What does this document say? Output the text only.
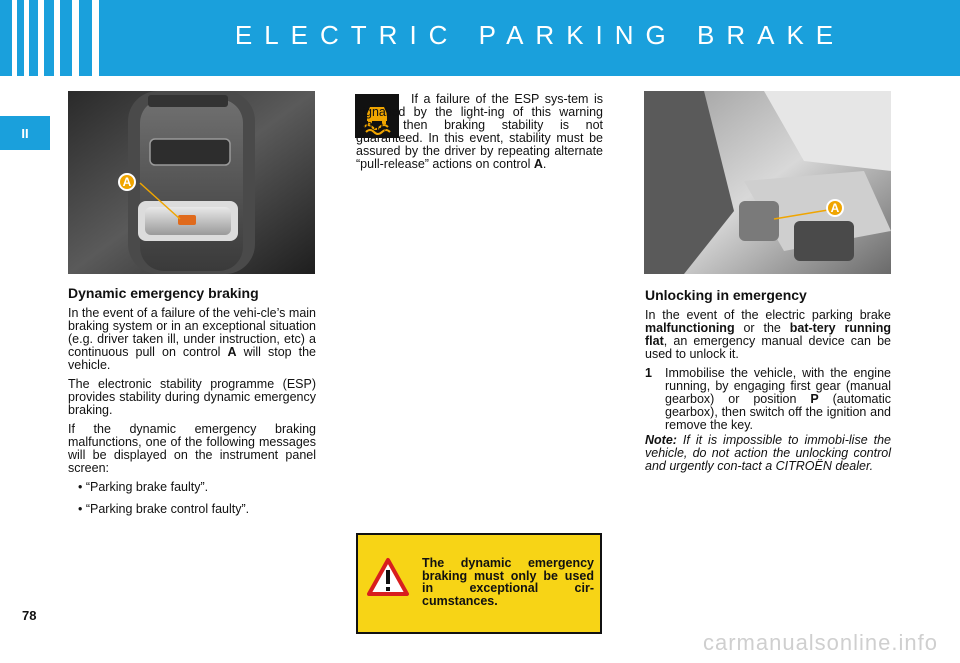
ELECTRIC PARKING BRAKE
II
A
A
Dynamic emergency braking

In the event of a failure of the vehi-cle’s main braking system or in an exceptional situation (e.g. driver taken ill, under instruction, etc) a continuous pull on control A will stop the vehicle.

The electronic stability programme (ESP) provides stability during dynamic emergency braking.

If the dynamic emergency braking malfunctions, one of the following messages will be displayed on the instrument panel screen:

• “Parking brake faulty”.
• “Parking brake control faulty”.

If a failure of the ESP sys-tem is signalled by the light-ing of this warning lamp, then braking stability is not guaranteed. In this event, stability must be assured by the driver by repeating alternate “pull-release” actions on control A.

The dynamic emergency braking must only be used in exceptional cir-cumstances.
Unlocking in emergency

In the event of the electric parking brake malfunctioning or the bat-tery running flat, an emergency manual device can be used to unlock it.

1	Immobilise the vehicle, with the engine running, by engaging first gear (manual gearbox) or position P (automatic gearbox), then switch off the ignition and remove the key.

Note: If it is impossible to immobi-lise the vehicle, do not action the unlocking control and urgently con-tact a CITROËN dealer.

78
carmanualsonline.info
